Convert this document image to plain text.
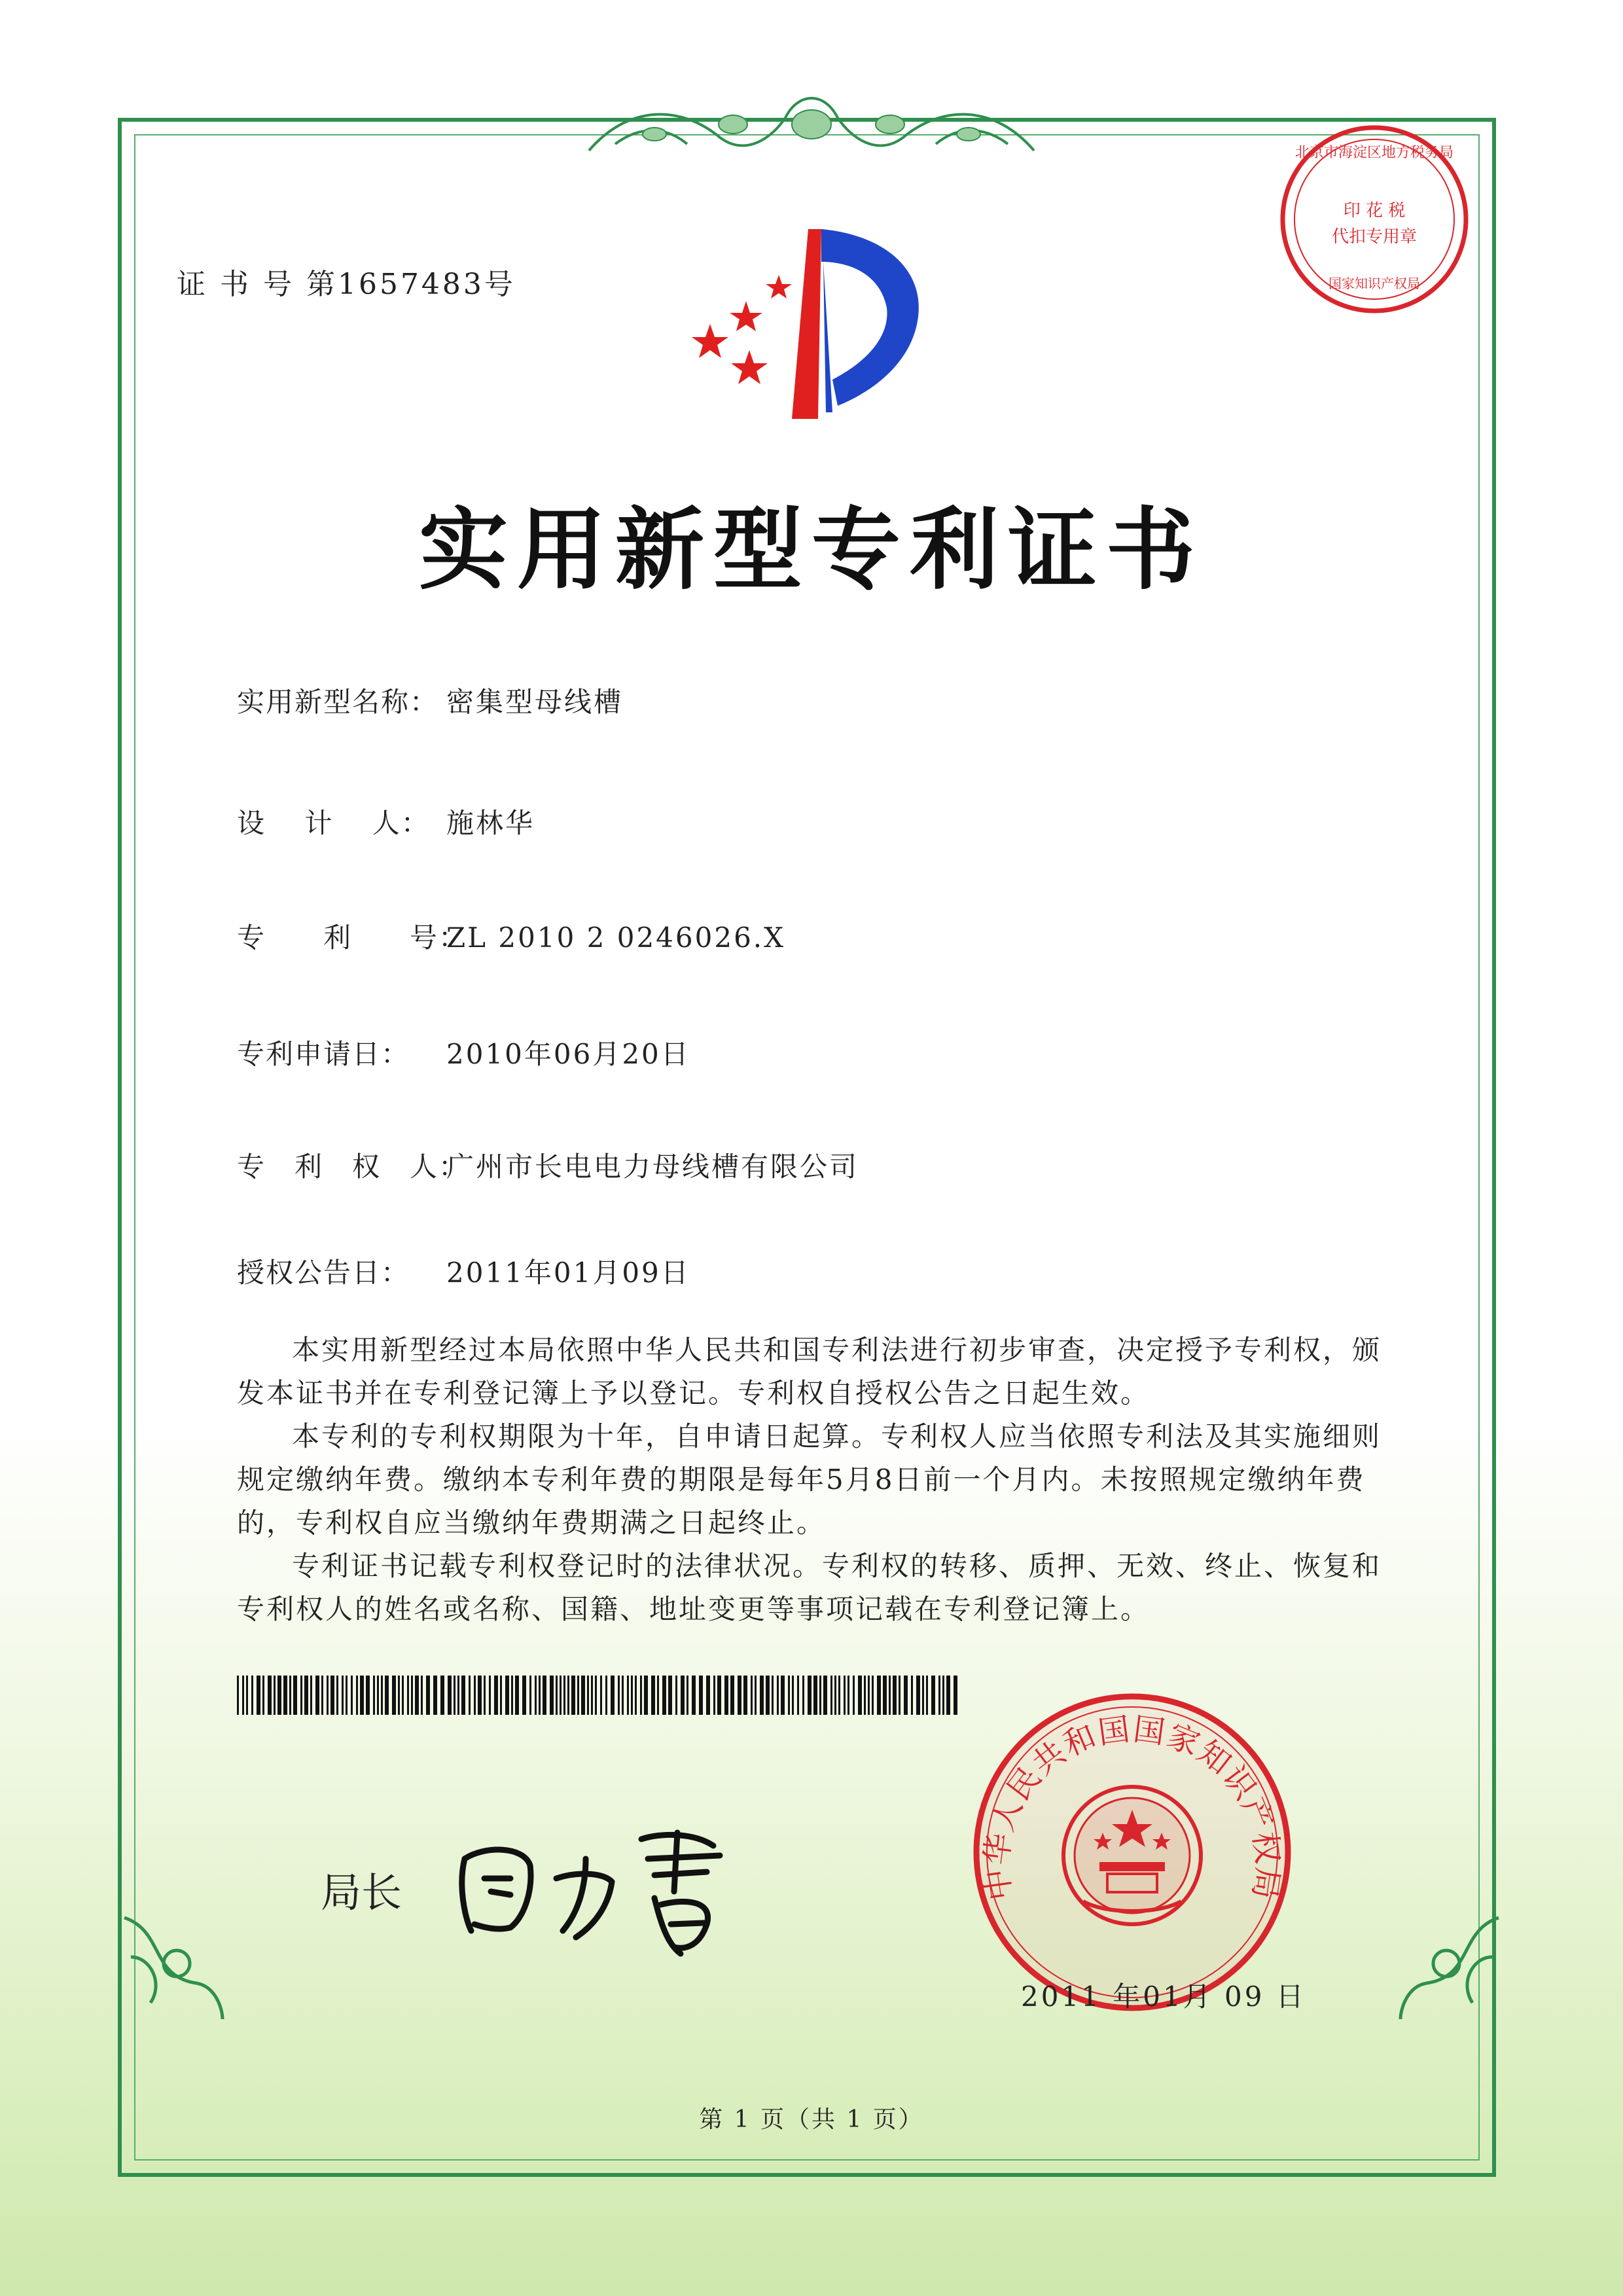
证 书 号 第1657483号
北京市海淀区地方税务局
印 花 税
代扣专用章
国家知识产权局
实用新型专利证书
实用新型名称： 密集型母线槽
设　 计　 人： 施林华
专　　利　　号：ZL 2010 2 0246026.X
专利申请日： 2010年06月20日
专　利　权　人：广州市长电电力母线槽有限公司
授权公告日： 2011年01月09日

本实用新型经过本局依照中华人民共和国专利法进行初步审查，决定授予专利权，颁发本证书并在专利登记簿上予以登记。专利权自授权公告之日起生效。

本专利的专利权期限为十年，自申请日起算。专利权人应当依照专利法及其实施细则规定缴纳年费。缴纳本专利年费的期限是每年5月8日前一个月内。未按照规定缴纳年费的，专利权自应当缴纳年费期满之日起终止。

专利证书记载专利权登记时的法律状况。专利权的转移、质押、无效、终止、恢复和专利权人的姓名或名称、国籍、地址变更等事项记载在专利登记簿上。

局长	中华人民共和国国家知识产权局
2011 年01月 09 日
第 1 页（共 1 页）
